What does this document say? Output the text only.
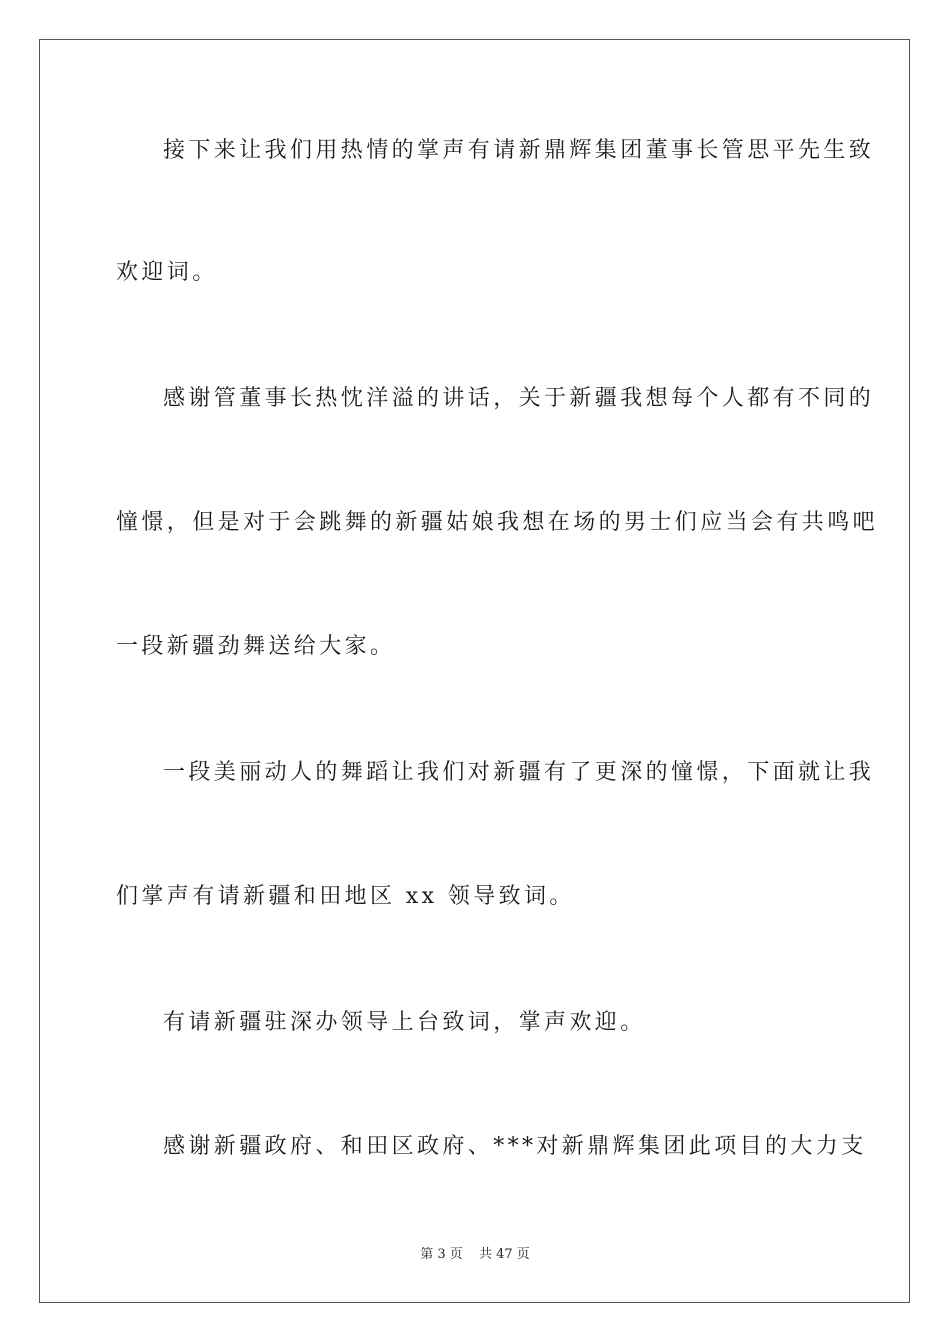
接下来让我们用热情的掌声有请新鼎辉集团董事长管思平先生致
欢迎词。
感谢管董事长热忱洋溢的讲话，关于新疆我想每个人都有不同的
憧憬，但是对于会跳舞的新疆姑娘我想在场的男士们应当会有共鸣吧
一段新疆劲舞送给大家。
一段美丽动人的舞蹈让我们对新疆有了更深的憧憬，下面就让我
们掌声有请新疆和田地区 xx 领导致词。
有请新疆驻深办领导上台致词，掌声欢迎。
感谢新疆政府、和田区政府、***对新鼎辉集团此项目的大力支
第 3 页 共 47 页
